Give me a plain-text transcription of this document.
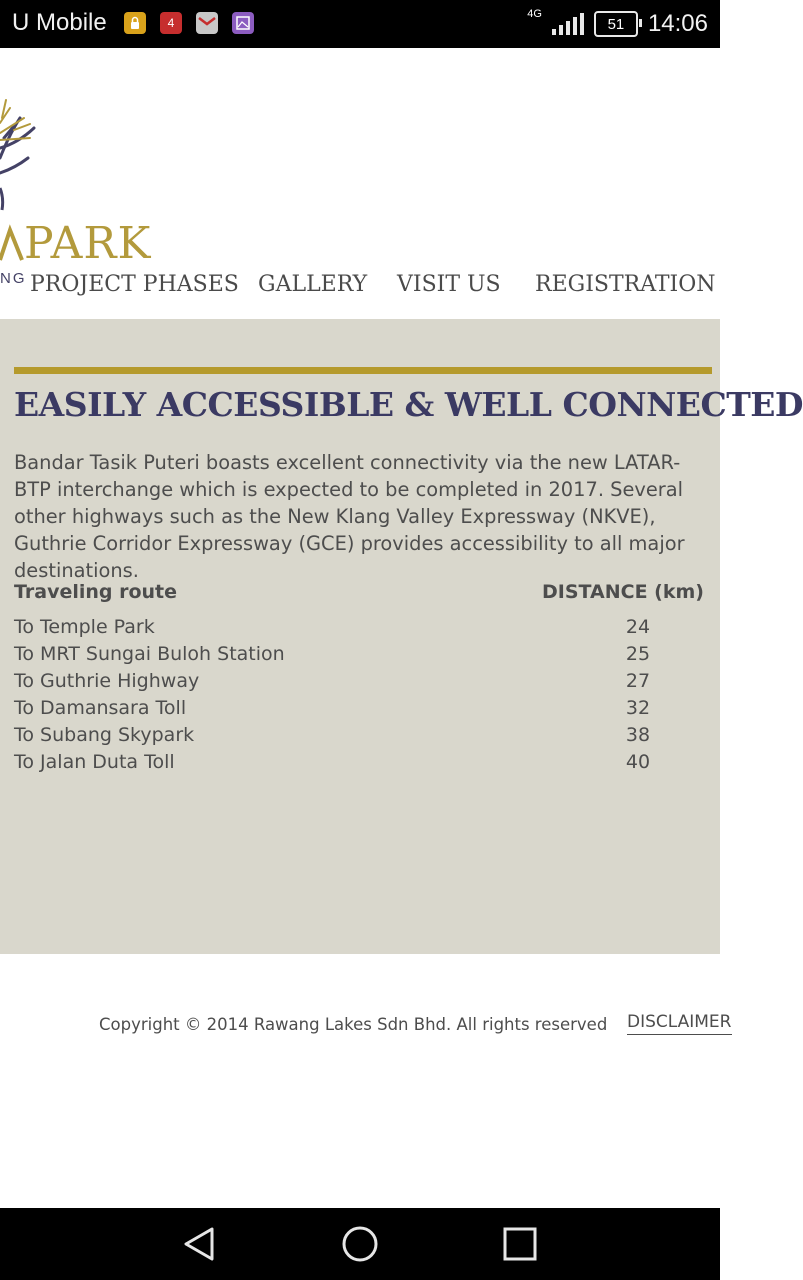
U Mobile	4
4G
51 14:06
PARK
NG PROJECT PHASES GALLERY VISIT US REGISTRATION
EASILY ACCESSIBLE & WELL CONNECTED

Bandar Tasik Puteri boasts excellent connectivity via the new LATAR-BTP interchange which is expected to be completed in 2017. Several other highways such as the New Klang Valley Expressway (NKVE), Guthrie Corridor Expressway (GCE) provides accessibility to all major destinations.

Traveling route	DISTANCE (km)
To Temple Park	24
To MRT Sungai Buloh Station	25
To Guthrie Highway	27
To Damansara Toll	32
To Subang Skypark	38
To Jalan Duta Toll	40
Copyright © 2014 Rawang Lakes Sdn Bhd. All rights reserved DISCLAIMER
